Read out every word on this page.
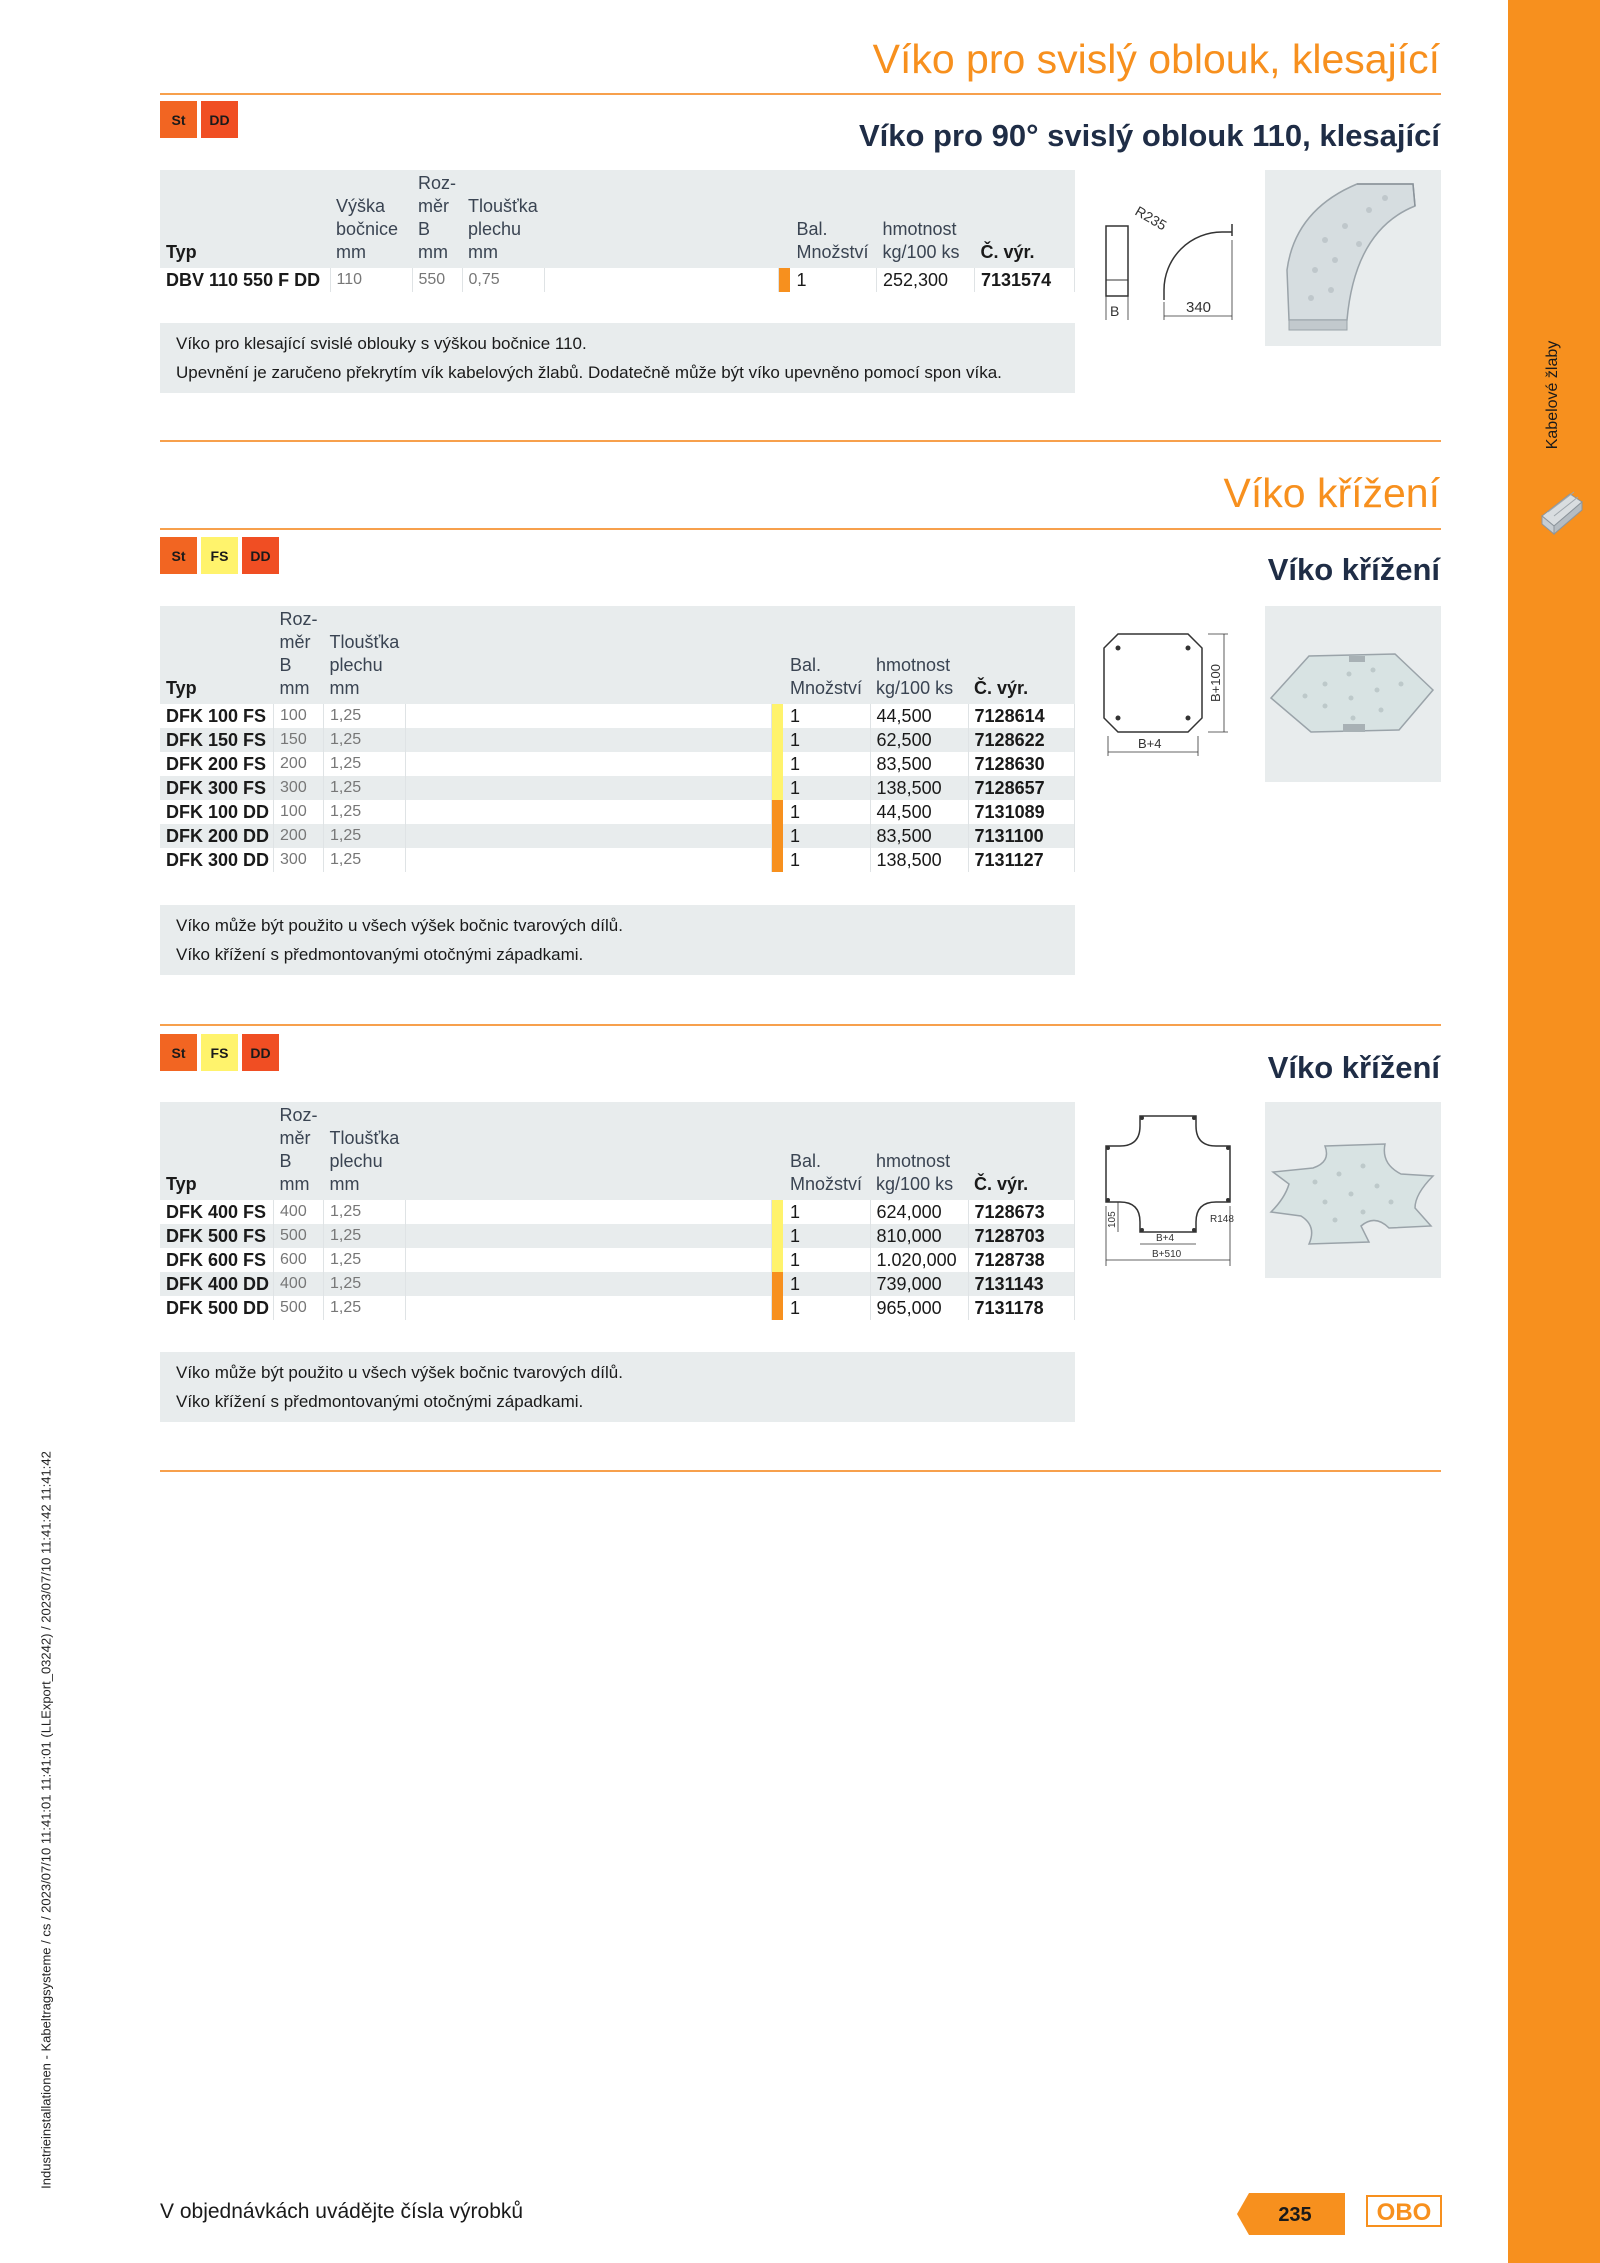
Kabelové žlaby
Industrieinstallationen - Kabeltragsysteme / cs / 2023/07/10 11:41:01 11:41:01 (LLExport_03242) / 2023/07/10 11:41:42 11:41:42
Víko pro svislý oblouk, klesající
St	DD	Víko pro 90° svislý oblouk 110, klesající
Typ	Výška
bočnice
mm	Roz-
měr
B
mm	Tloušťka
plechu
mm			Bal.
Množství	hmotnost
kg/100 ks	Č. výr.
DBV 110 550 F DD	110	550	0,75			1	252,300	7131574
Víko pro klesající svislé oblouky s výškou bočnice 110.
Upevnění je zaručeno překrytím vík kabelových žlabů. Dodatečně může být víko upevněno pomocí spon víka.
B
R235
340
Víko křížení
St	FS	DD	Víko křížení
Typ	Roz-
měr
B
mm	Tloušťka
plechu
mm			Bal.
Množství	hmotnost
kg/100 ks	Č. výr.
DFK 100 FS	100	1,25			1	44,500	7128614
DFK 150 FS	150	1,25			1	62,500	7128622
DFK 200 FS	200	1,25			1	83,500	7128630
DFK 300 FS	300	1,25			1	138,500	7128657
DFK 100 DD	100	1,25			1	44,500	7131089
DFK 200 DD	200	1,25			1	83,500	7131100
DFK 300 DD	300	1,25			1	138,500	7131127
Víko může být použito u všech výšek bočnic tvarových dílů.
Víko křížení s předmontovanými otočnými západkami.
B+100
B+4
St	FS	DD	Víko křížení
Typ	Roz-
měr
B
mm	Tloušťka
plechu
mm			Bal.
Množství	hmotnost
kg/100 ks	Č. výr.
DFK 400 FS	400	1,25			1	624,000	7128673
DFK 500 FS	500	1,25			1	810,000	7128703
DFK 600 FS	600	1,25			1	1.020,000	7128738
DFK 400 DD	400	1,25			1	739,000	7131143
DFK 500 DD	500	1,25			1	965,000	7131178
Víko může být použito u všech výšek bočnic tvarových dílů.
Víko křížení s předmontovanými otočnými západkami.
105	R148
B+4
B+510
V objednávkách uvádějte čísla výrobků	235	OBO
